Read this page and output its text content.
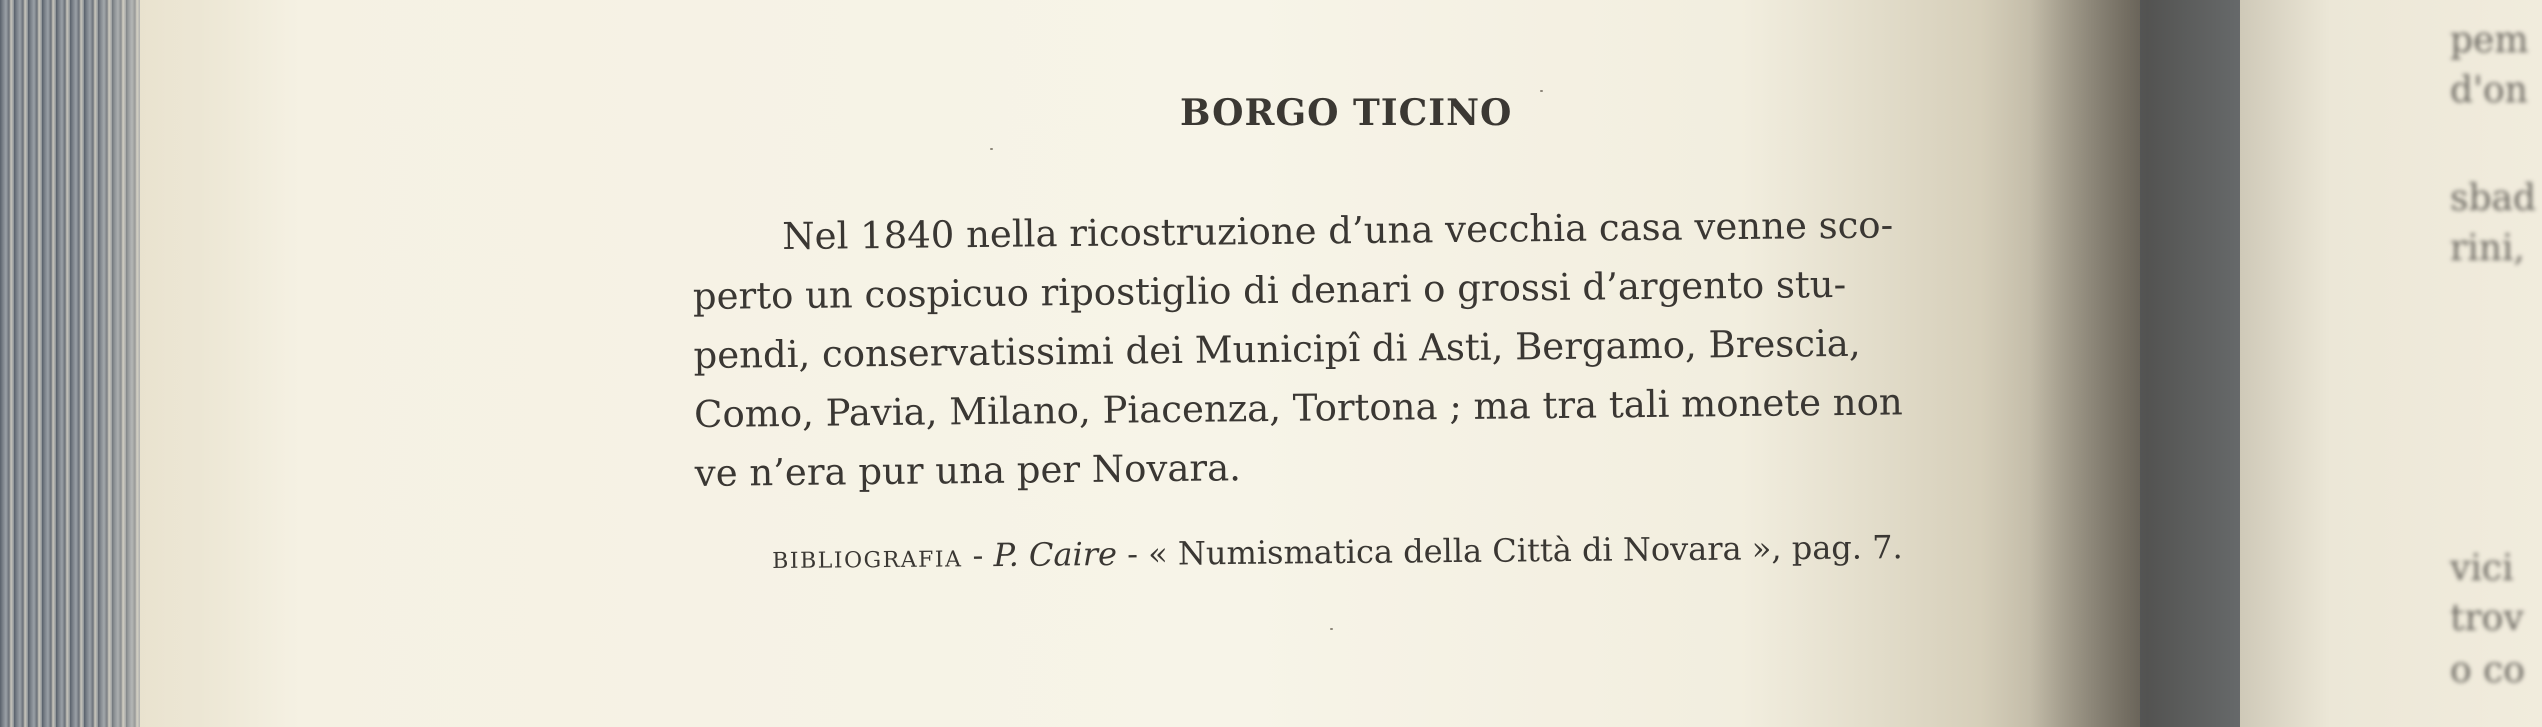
pem
d'on
sbad
rini,
vici
trov
o co
BORGO TICINO
Nel 1840 nella ricostruzione d’una vecchia casa venne sco-
perto un cospicuo ripostiglio di denari o grossi d’argento stu-
pendi, conservatissimi dei Municipî di Asti, Bergamo, Brescia,
Como, Pavia, Milano, Piacenza, Tortona ; ma tra tali monete non
ve n’era pur una per Novara.
BIBLIOGRAFIA - P. Caire - « Numismatica della Città di Novara », pag. 7.
